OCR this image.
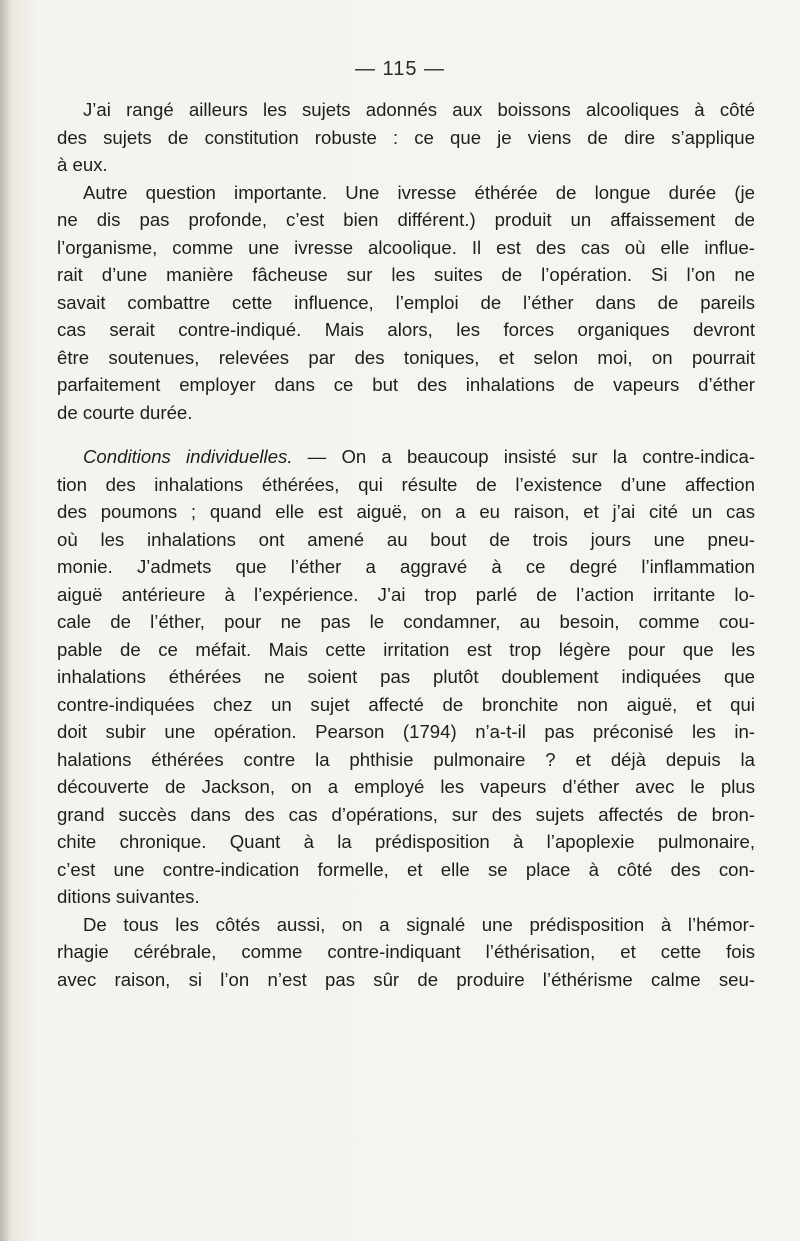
— 115 —
J’ai rangé ailleurs les sujets adonnés aux boissons alcooliques à côté
des sujets de constitution robuste : ce que je viens de dire s’applique
à eux.
Autre question importante. Une ivresse éthérée de longue durée (je
ne dis pas profonde, c’est bien différent.) produit un affaissement de
l’organisme, comme une ivresse alcoolique. Il est des cas où elle influe-
rait d’une manière fâcheuse sur les suites de l’opération. Si l’on ne
savait combattre cette influence, l’emploi de l’éther dans de pareils
cas serait contre-indiqué. Mais alors, les forces organiques devront
être soutenues, relevées par des toniques, et selon moi, on pourrait
parfaitement employer dans ce but des inhalations de vapeurs d’éther
de courte durée.
Conditions individuelles. — On a beaucoup insisté sur la contre-indica-
tion des inhalations éthérées, qui résulte de l’existence d’une affection
des poumons ; quand elle est aiguë, on a eu raison, et j’ai cité un cas
où les inhalations ont amené au bout de trois jours une pneu-
monie. J’admets que l’éther a aggravé à ce degré l’inflammation
aiguë antérieure à l’expérience. J’ai trop parlé de l’action irritante lo-
cale de l’éther, pour ne pas le condamner, au besoin, comme cou-
pable de ce méfait. Mais cette irritation est trop légère pour que les
inhalations éthérées ne soient pas plutôt doublement indiquées que
contre-indiquées chez un sujet affecté de bronchite non aiguë, et qui
doit subir une opération. Pearson (1794) n’a-t-il pas préconisé les in-
halations éthérées contre la phthisie pulmonaire ? et déjà depuis la
découverte de Jackson, on a employé les vapeurs d’éther avec le plus
grand succès dans des cas d’opérations, sur des sujets affectés de bron-
chite chronique. Quant à la prédisposition à l’apoplexie pulmonaire,
c’est une contre-indication formelle, et elle se place à côté des con-
ditions suivantes.
De tous les côtés aussi, on a signalé une prédisposition à l’hémor-
rhagie cérébrale, comme contre-indiquant l’éthérisation, et cette fois
avec raison, si l’on n’est pas sûr de produire l’éthérisme calme seu-
